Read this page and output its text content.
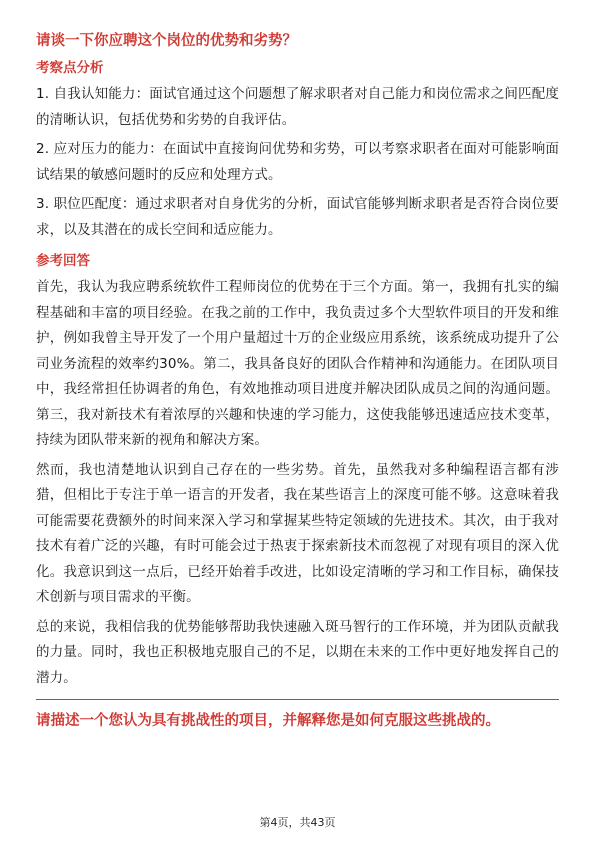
请谈一下你应聘这个岗位的优势和劣势？

考察点分析

1. 自我认知能力：面试官通过这个问题想了解求职者对自己能力和岗位需求之间匹配度的清晰认识，包括优势和劣势的自我评估。

2. 应对压力的能力：在面试中直接询问优势和劣势，可以考察求职者在面对可能影响面试结果的敏感问题时的反应和处理方式。

3. 职位匹配度：通过求职者对自身优劣的分析，面试官能够判断求职者是否符合岗位要求，以及其潜在的成长空间和适应能力。

参考回答

首先，我认为我应聘系统软件工程师岗位的优势在于三个方面。第一，我拥有扎实的编程基础和丰富的项目经验。在我之前的工作中，我负责过多个大型软件项目的开发和维护，例如我曾主导开发了一个用户量超过十万的企业级应用系统，该系统成功提升了公司业务流程的效率约30%。第二，我具备良好的团队合作精神和沟通能力。在团队项目中，我经常担任协调者的角色，有效地推动项目进度并解决团队成员之间的沟通问题。第三，我对新技术有着浓厚的兴趣和快速的学习能力，这使我能够迅速适应技术变革，持续为团队带来新的视角和解决方案。

然而，我也清楚地认识到自己存在的一些劣势。首先，虽然我对多种编程语言都有涉猎，但相比于专注于单一语言的开发者，我在某些语言上的深度可能不够。这意味着我可能需要花费额外的时间来深入学习和掌握某些特定领域的先进技术。其次，由于我对技术有着广泛的兴趣，有时可能会过于热衷于探索新技术而忽视了对现有项目的深入优化。我意识到这一点后，已经开始着手改进，比如设定清晰的学习和工作目标，确保技术创新与项目需求的平衡。

总的来说，我相信我的优势能够帮助我快速融入斑马智行的工作环境，并为团队贡献我的力量。同时，我也正积极地克服自己的不足，以期在未来的工作中更好地发挥自己的潜力。

请描述一个您认为具有挑战性的项目，并解释您是如何克服这些挑战的。

第4页，共43页
